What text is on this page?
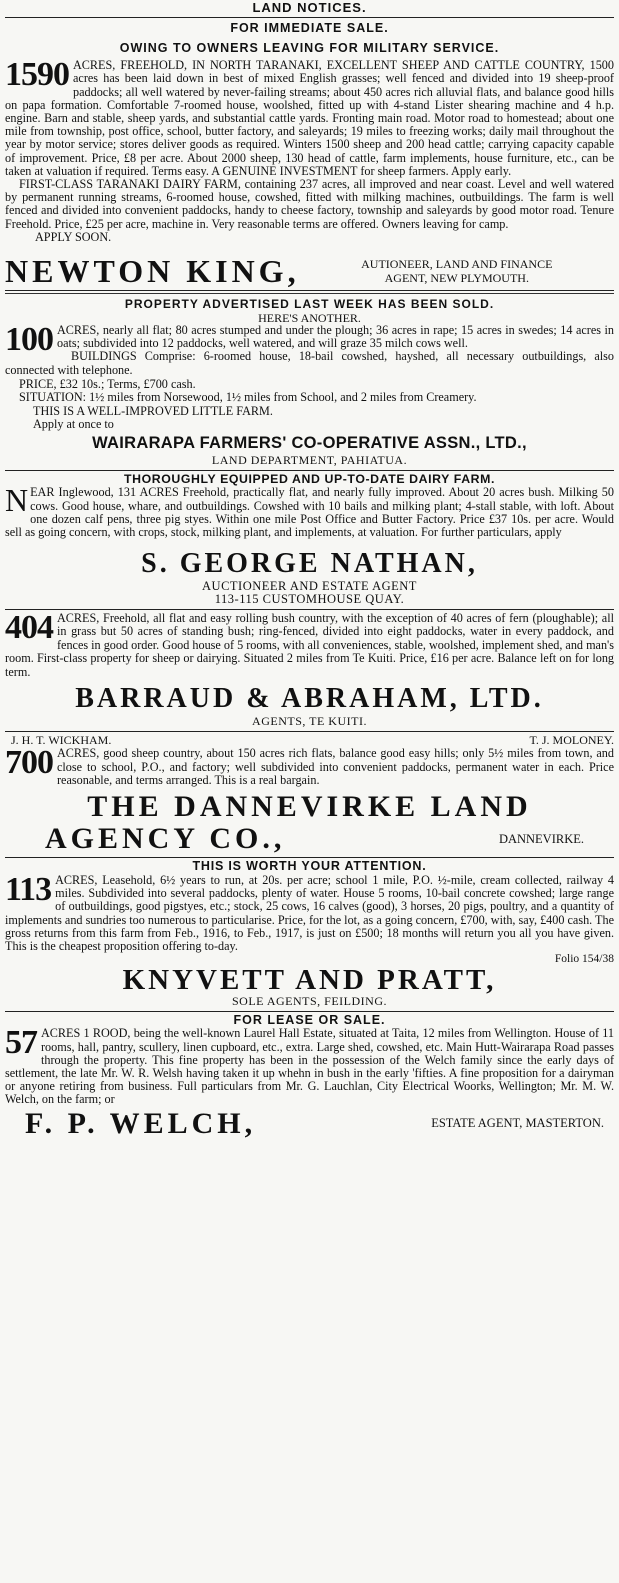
LAND NOTICES.
FOR IMMEDIATE SALE.
OWING TO OWNERS LEAVING FOR MILITARY SERVICE.

1590 ACRES, FREEHOLD, IN NORTH TARANAKI, EXCELLENT SHEEP AND CATTLE COUNTRY, 1500 acres has been laid down in best of mixed English grasses; well fenced and divided into 19 sheep-proof paddocks; all well watered by never-failing streams; about 450 acres rich alluvial flats, and balance good hills on papa formation. Comfortable 7-roomed house, woolshed, fitted up with 4-stand Lister shearing machine and 4 h.p. engine. Barn and stable, sheep yards, and substantial cattle yards. Fronting main road. Motor road to homestead; about one mile from township, post office, school, butter factory, and saleyards; 19 miles to freezing works; daily mail throughout the year by motor service; stores deliver goods as required. Winters 1500 sheep and 200 head cattle; carrying capacity capable of improvement. Price, £8 per acre. About 2000 sheep, 130 head of cattle, farm implements, house furniture, etc., can be taken at valuation if required. Terms easy. A GENUINE INVESTMENT for sheep farmers. Apply early.

FIRST-CLASS TARANAKI DAIRY FARM, containing 237 acres, all improved and near coast. Level and well watered by permanent running streams, 6-roomed house, cowshed, fitted with milking machines, outbuildings. The farm is well fenced and divided into convenient paddocks, handy to cheese factory, township and saleyards by good motor road. Tenure Freehold. Price, £25 per acre, machine in. Very reasonable terms are offered. Owners leaving for camp.

APPLY SOON.

NEWTON KING,	AUTIONEER, LAND AND FINANCE
AGENT, NEW PLYMOUTH.
PROPERTY ADVERTISED LAST WEEK HAS BEEN SOLD.
HERE'S ANOTHER.

100 ACRES, nearly all flat; 80 acres stumped and under the plough; 36 acres in rape; 15 acres in swedes; 14 acres in oats; subdivided into 12 paddocks, well watered, and will graze 35 milch cows well.

BUILDINGS Comprise: 6-roomed house, 18-bail cowshed, hayshed, all necessary outbuildings, also connected with telephone.

PRICE, £32 10s.; Terms, £700 cash.

SITUATION: 1½ miles from Norsewood, 1½ miles from School, and 2 miles from Creamery.

THIS IS A WELL-IMPROVED LITTLE FARM.

Apply at once to

WAIRARAPA FARMERS' CO-OPERATIVE ASSN., LTD.,
LAND DEPARTMENT, PAHIATUA.
THOROUGHLY EQUIPPED AND UP-TO-DATE DAIRY FARM.

N EAR Inglewood, 131 ACRES Freehold, practically flat, and nearly fully improved. About 20 acres bush. Milking 50 cows. Good house, whare, and outbuildings. Cowshed with 10 bails and milking plant; 4-stall stable, with loft. About one dozen calf pens, three pig styes. Within one mile Post Office and Butter Factory. Price £37 10s. per acre. Would sell as going concern, with crops, stock, milking plant, and implements, at valuation. For further particulars, apply

S. GEORGE NATHAN,
AUCTIONEER AND ESTATE AGENT
113-115 CUSTOMHOUSE QUAY.

404 ACRES, Freehold, all flat and easy rolling bush country, with the exception of 40 acres of fern (ploughable); all in grass but 50 acres of standing bush; ring-fenced, divided into eight paddocks, water in every paddock, and fences in good order. Good house of 5 rooms, with all conveniences, stable, woolshed, implement shed, and man's room. First-class property for sheep or dairying. Situated 2 miles from Te Kuiti. Price, £16 per acre. Balance left on for long term.

BARRAUD & ABRAHAM, LTD.
AGENTS, TE KUITI.
J. H. T. WICKHAM.	T. J. MOLONEY.

700 ACRES, good sheep country, about 150 acres rich flats, balance good easy hills; only 5½ miles from town, and close to school, P.O., and factory; well subdivided into convenient paddocks, permanent water in each. Price reasonable, and terms arranged. This is a real bargain.

THE DANNEVIRKE LAND
AGENCY CO.,	DANNEVIRKE.
THIS IS WORTH YOUR ATTENTION.

113 ACRES, Leasehold, 6½ years to run, at 20s. per acre; school 1 mile, P.O. ½-mile, cream collected, railway 4 miles. Subdivided into several paddocks, plenty of water. House 5 rooms, 10-bail concrete cowshed; large range of outbuildings, good pigstyes, etc.; stock, 25 cows, 16 calves (good), 3 horses, 20 pigs, poultry, and a quantity of implements and sundries too numerous to particularise. Price, for the lot, as a going concern, £700, with, say, £400 cash. The gross returns from this farm from Feb., 1916, to Feb., 1917, is just on £500; 18 months will return you all you have given. This is the cheapest proposition offering to-day.

Folio 154/38
KNYVETT AND PRATT,
SOLE AGENTS, FEILDING.
FOR LEASE OR SALE.

57 ACRES 1 ROOD, being the well-known Laurel Hall Estate, situated at Taita, 12 miles from Wellington. House of 11 rooms, hall, pantry, scullery, linen cupboard, etc., extra. Large shed, cowshed, etc. Main Hutt-Wairarapa Road passes through the property. This fine property has been in the possession of the Welch family since the early days of settlement, the late Mr. W. R. Welsh having taken it up whehn in bush in the early 'fifties. A fine proposition for a dairyman or anyone retiring from business. Full particulars from Mr. G. Lauchlan, City Electrical Woorks, Wellington; Mr. M. W. Welch, on the farm; or

F. P. WELCH,	ESTATE AGENT, MASTERTON.
